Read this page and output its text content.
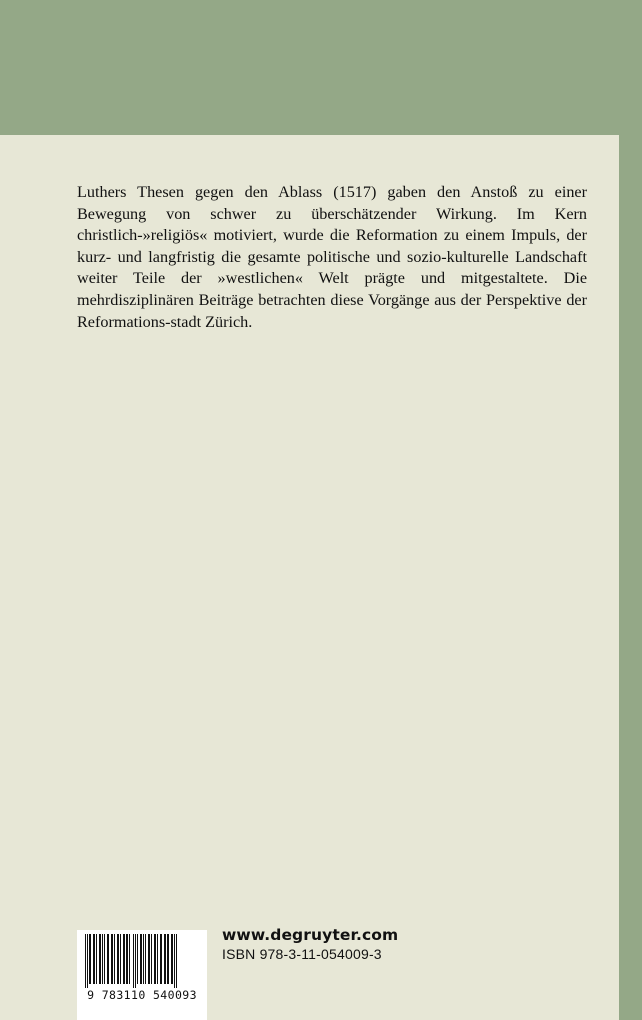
Luthers Thesen gegen den Ablass (1517) gaben den Anstoß zu einer Bewegung von schwer zu überschätzender Wirkung. Im Kern christlich-»religiös« motiviert, wurde die Reformation zu einem Impuls, der kurz- und langfristig die gesamte politische und sozio-kulturelle Landschaft weiter Teile der »westlichen« Welt prägte und mitgestaltete. Die mehrdisziplinären Beiträge betrachten diese Vorgänge aus der Perspektive der Reformations-stadt Zürich.

9 783110 540093
www.degruyter.com
ISBN 978-3-11-054009-3
